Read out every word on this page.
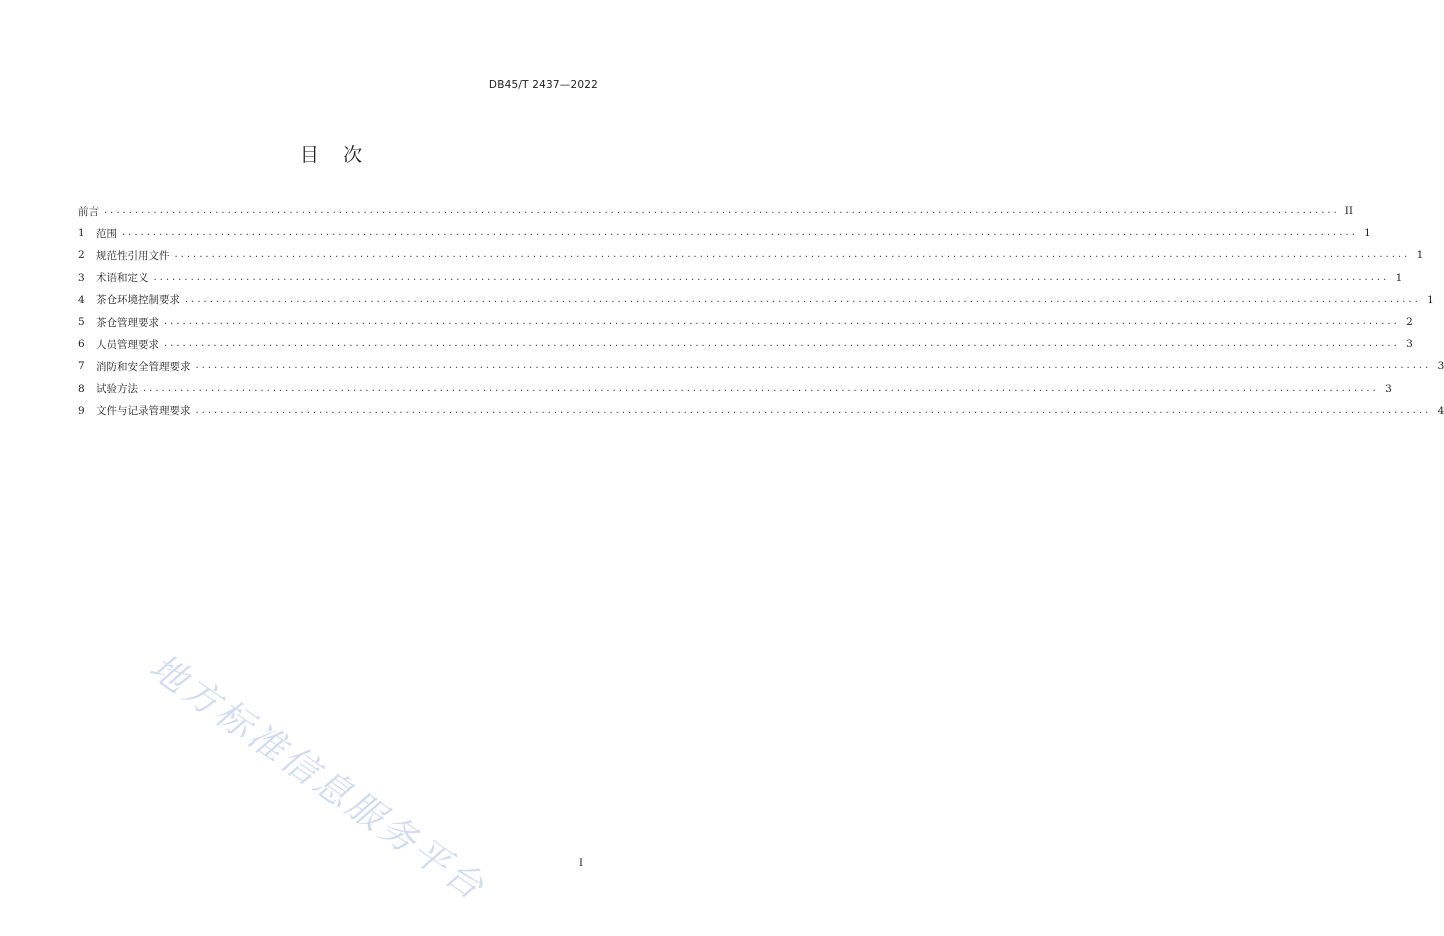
DB45/T 2437—2022
目    次
前言 ........................................................................................................................................................................................................ II
1	范围 ........................................................................................................................................................................................................ 1
2	规范性引用文件 ........................................................................................................................................................................................................ 1
3	术语和定义 ........................................................................................................................................................................................................ 1
4	茶仓环境控制要求 ........................................................................................................................................................................................................ 1
5	茶仓管理要求 ........................................................................................................................................................................................................ 2
6	人员管理要求 ........................................................................................................................................................................................................ 3
7	消防和安全管理要求 ........................................................................................................................................................................................................ 3
8	试验方法 ........................................................................................................................................................................................................ 3
9	文件与记录管理要求 ........................................................................................................................................................................................................ 4
地方标准信息服务平台	I
